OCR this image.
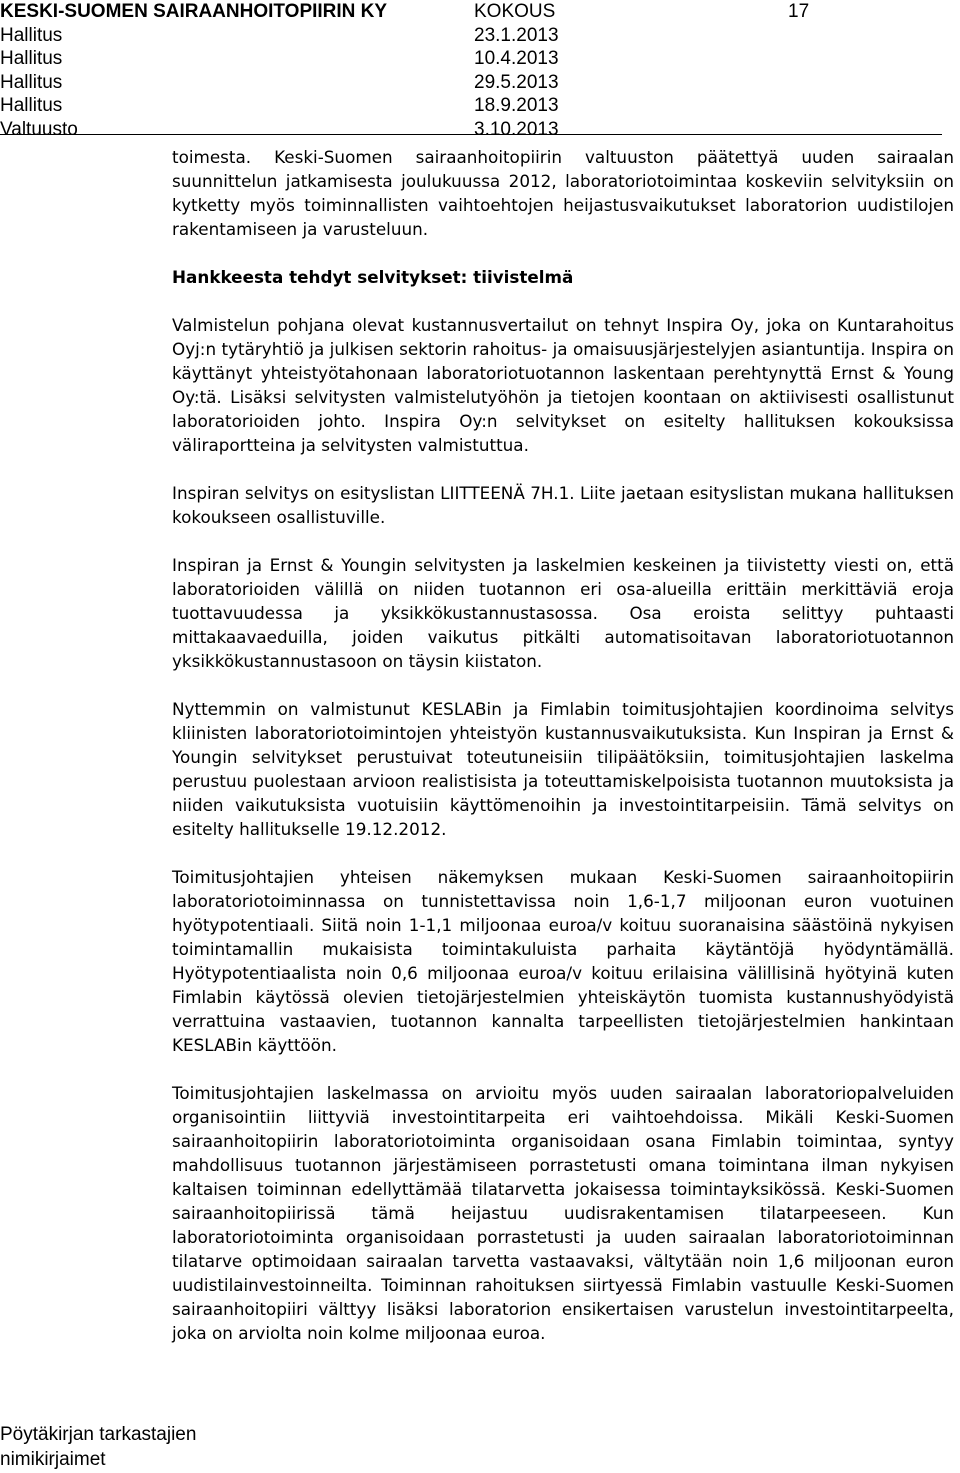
KESKI-SUOMEN SAIRAANHOITOPIIRIN KY	KOKOUS	17
Hallitus	23.1.2013
Hallitus	10.4.2013
Hallitus	29.5.2013
Hallitus	18.9.2013
Valtuusto	3.10.2013

toimesta. Keski-Suomen sairaanhoitopiirin valtuuston päätettyä uuden sairaalan suunnittelun jatkamisesta joulukuussa 2012, laboratoriotoimintaa koskeviin selvityksiin on kytketty myös toiminnallisten vaihtoehtojen heijastusvaikutukset laboratorion uudistilojen rakentamiseen ja varusteluun.

Hankkeesta tehdyt selvitykset: tiivistelmä

Valmistelun pohjana olevat kustannusvertailut on tehnyt Inspira Oy, joka on Kuntarahoitus Oyj:n tytäryhtiö ja julkisen sektorin rahoitus- ja omaisuusjärjestelyjen asiantuntija. Inspira on käyttänyt yhteistyötahonaan laboratoriotuotannon laskentaan perehtynyttä Ernst & Young Oy:tä. Lisäksi selvitysten valmistelutyöhön ja tietojen koontaan on aktiivisesti osallistunut laboratorioiden johto. Inspira Oy:n selvitykset on esitelty hallituksen kokouksissa väliraportteina ja selvitysten valmistuttua.

Inspiran selvitys on esityslistan LIITTEENÄ 7H.1. Liite jaetaan esityslistan mukana hallituksen kokoukseen osallistuville.

Inspiran ja Ernst & Youngin selvitysten ja laskelmien keskeinen ja tiivistetty viesti on, että laboratorioiden välillä on niiden tuotannon eri osa-alueilla erittäin merkittäviä eroja tuottavuudessa ja yksikkökustannustasossa. Osa eroista selittyy puhtaasti mittakaavaeduilla, joiden vaikutus pitkälti automatisoitavan laboratoriotuotannon yksikkökustannustasoon on täysin kiistaton.

Nyttemmin on valmistunut KESLABin ja Fimlabin toimitusjohtajien koordinoima selvitys kliinisten laboratoriotoimintojen yhteistyön kustannusvaikutuksista. Kun Inspiran ja Ernst & Youngin selvitykset perustuivat toteutuneisiin tilipäätöksiin, toimitusjohtajien laskelma perustuu puolestaan arvioon realistisista ja toteuttamiskelpoisista tuotannon muutoksista ja niiden vaikutuksista vuotuisiin käyttömenoihin ja investointitarpeisiin. Tämä selvitys on esitelty hallitukselle 19.12.2012.

Toimitusjohtajien yhteisen näkemyksen mukaan Keski-Suomen sairaanhoitopiirin laboratoriotoiminnassa on tunnistettavissa noin 1,6-1,7 miljoonan euron vuotuinen hyötypotentiaali. Siitä noin 1-1,1 miljoonaa euroa/v koituu suoranaisina säästöinä nykyisen toimintamallin mukaisista toimintakuluista parhaita käytäntöjä hyödyntämällä. Hyötypotentiaalista noin 0,6 miljoonaa euroa/v koituu erilaisina välillisinä hyötyinä kuten Fimlabin käytössä olevien tietojärjestelmien yhteiskäytön tuomista kustannushyödyistä verrattuina vastaavien, tuotannon kannalta tarpeellisten tietojärjestelmien hankintaan KESLABin käyttöön.

Toimitusjohtajien laskelmassa on arvioitu myös uuden sairaalan laboratoriopalveluiden organisointiin liittyviä investointitarpeita eri vaihtoehdoissa. Mikäli Keski-Suomen sairaanhoitopiirin laboratoriotoiminta organisoidaan osana Fimlabin toimintaa, syntyy mahdollisuus tuotannon järjestämiseen porrastetusti omana toimintana ilman nykyisen kaltaisen toiminnan edellyttämää tilatarvetta jokaisessa toimintayksikössä. Keski-Suomen sairaanhoitopiirissä tämä heijastuu uudisrakentamisen tilatarpeeseen. Kun laboratoriotoiminta organisoidaan porrastetusti ja uuden sairaalan laboratoriotoiminnan tilatarve optimoidaan sairaalan tarvetta vastaavaksi, vältytään noin 1,6 miljoonan euron uudistilainvestoinneilta. Toiminnan rahoituksen siirtyessä Fimlabin vastuulle Keski-Suomen sairaanhoitopiiri välttyy lisäksi laboratorion ensikertaisen varustelun investointitarpeelta, joka on arviolta noin kolme miljoonaa euroa.

Pöytäkirjan tarkastajien
nimikirjaimet
